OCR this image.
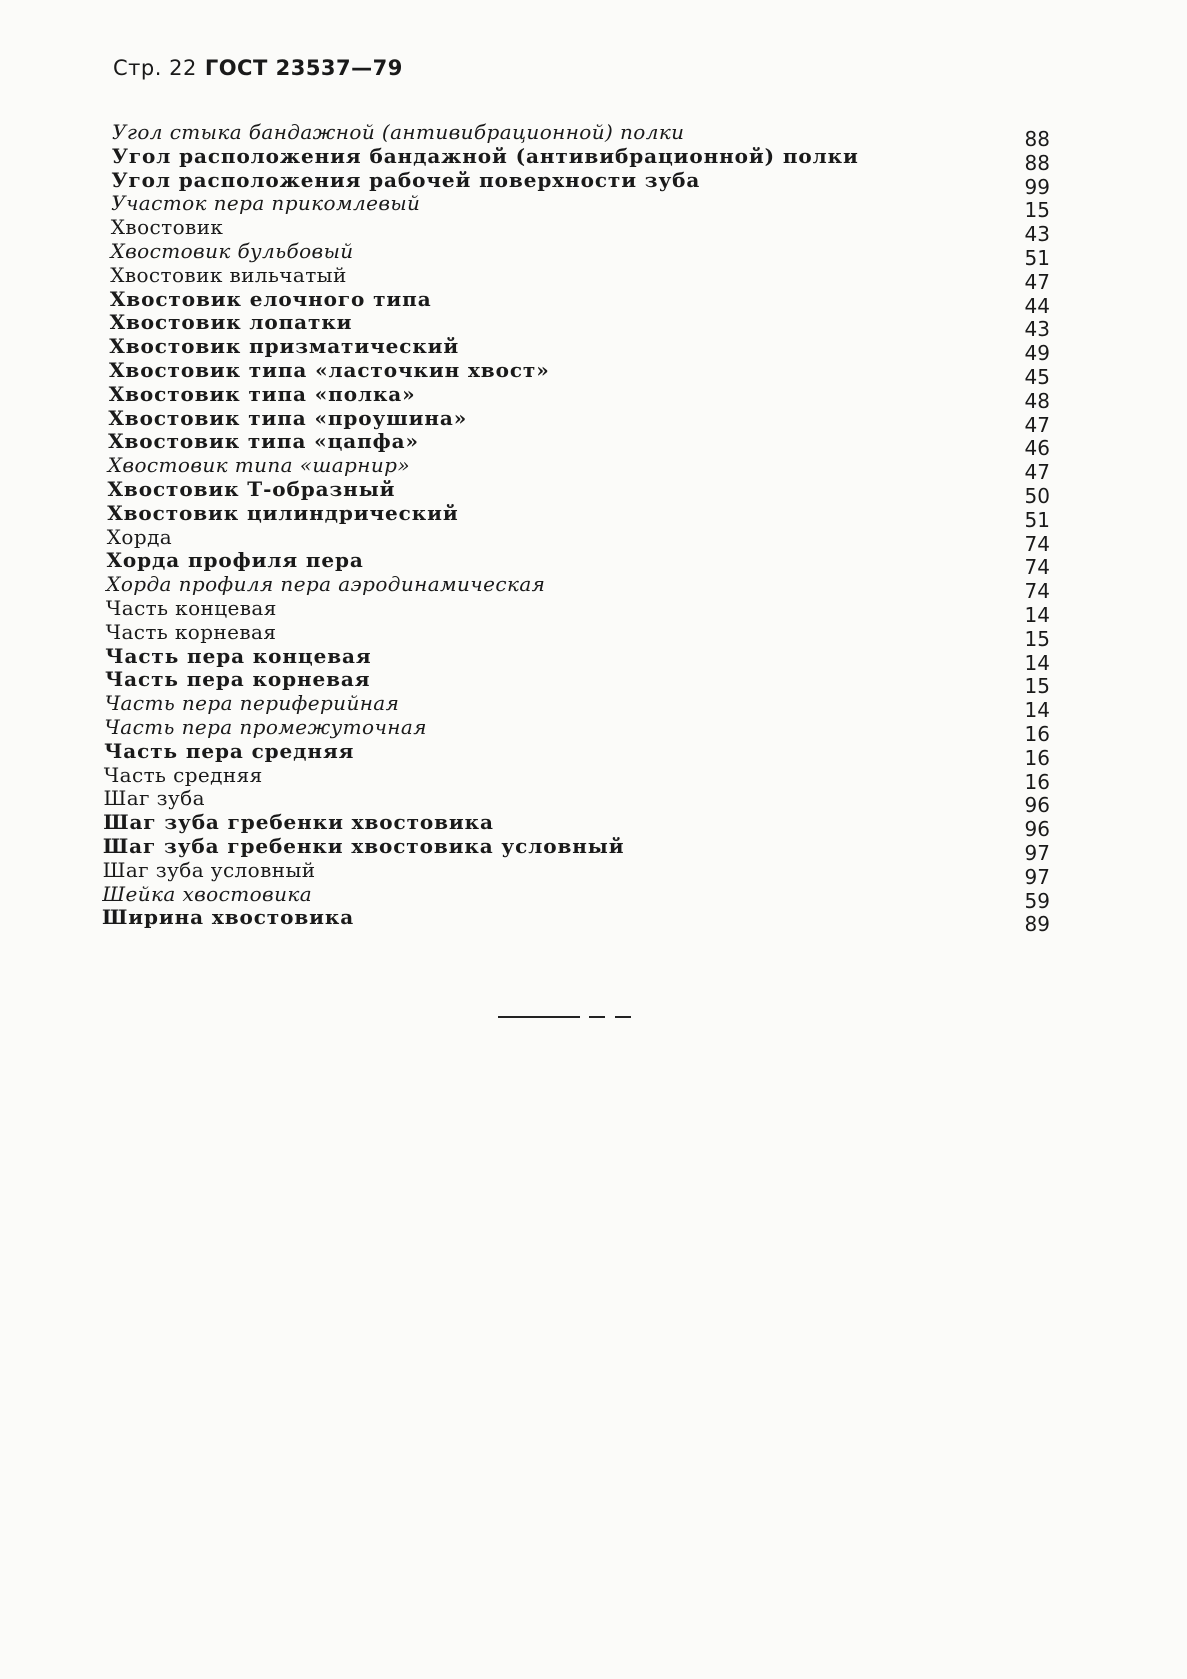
Стр. 22 ГОСТ 23537—79
Угол стыка бандажной (антивибрационной) полки	88
Угол расположения бандажной (антивибрационной) полки	88
Угол расположения рабочей поверхности зуба	99
Участок пера прикомлевый	15
Хвостовик	43
Хвостовик бульбовый	51
Хвостовик вильчатый	47
Хвостовик елочного типа	44
Хвостовик лопатки	43
Хвостовик призматический	49
Хвостовик типа «ласточкин хвост»	45
Хвостовик типа «полка»	48
Хвостовик типа «проушина»	47
Хвостовик типа «цапфа»	46
Хвостовик типа «шарнир»	47
Хвостовик Т-образный	50
Хвостовик цилиндрический	51
Хорда	74
Хорда профиля пера	74
Хорда профиля пера аэродинамическая	74
Часть концевая	14
Часть корневая	15
Часть пера концевая	14
Часть пера корневая	15
Часть пера периферийная	14
Часть пера промежуточная	16
Часть пера средняя	16
Часть средняя	16
Шаг зуба	96
Шаг зуба гребенки хвостовика	96
Шаг зуба гребенки хвостовика условный	97
Шаг зуба условный	97
Шейка хвостовика	59
Ширина хвостовика	89
